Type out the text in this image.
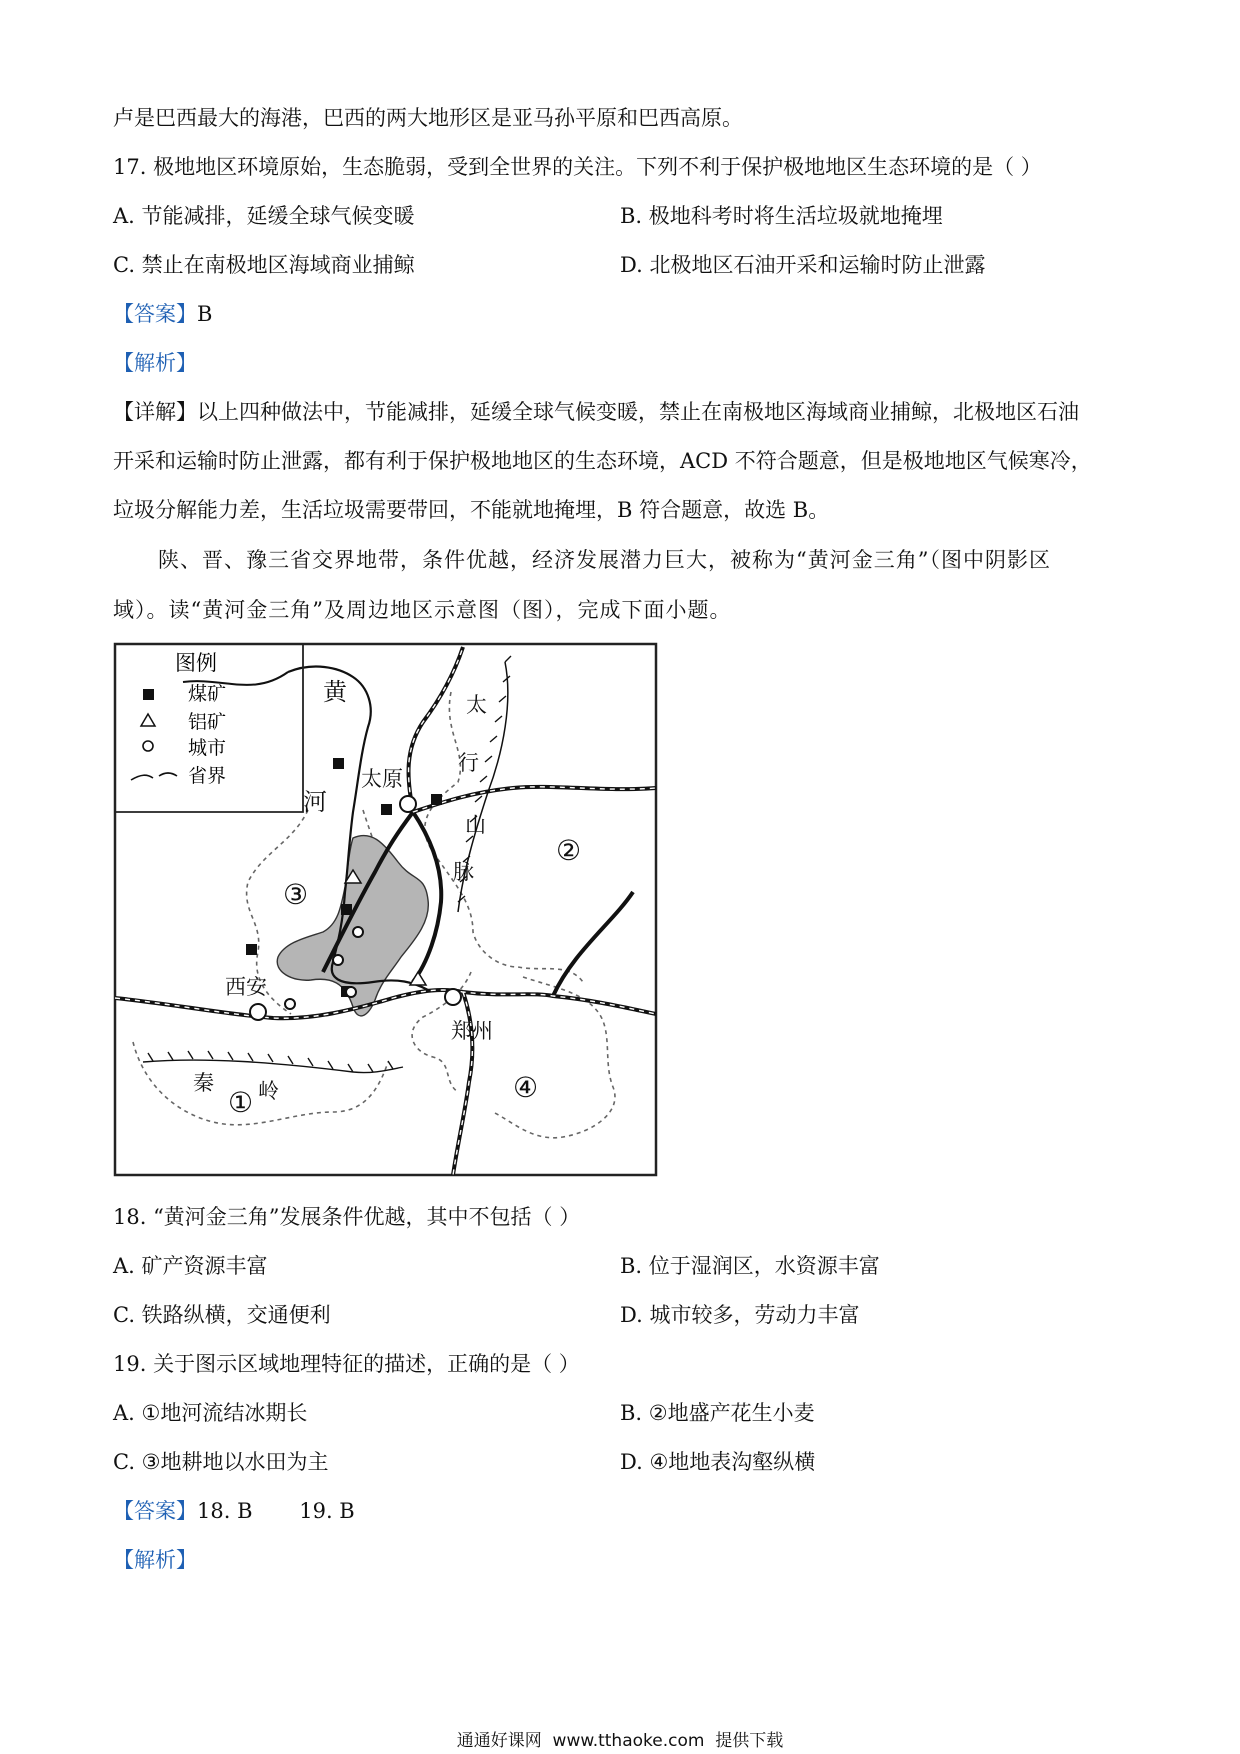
卢是巴西最大的海港，巴西的两大地形区是亚马孙平原和巴西高原。
17. 极地地区环境原始，生态脆弱，受到全世界的关注。下列不利于保护极地地区生态环境的是（ ）
A. 节能减排，延缓全球气候变暖	B. 极地科考时将生活垃圾就地掩埋
C. 禁止在南极地区海域商业捕鲸	D. 北极地区石油开采和运输时防止泄露
【答案】B
【解析】
【详解】以上四种做法中，节能减排，延缓全球气候变暖，禁止在南极地区海域商业捕鲸，北极地区石油
开采和运输时防止泄露，都有利于保护极地地区的生态环境，ACD 不符合题意，但是极地地区气候寒冷，
垃圾分解能力差，生活垃圾需要带回，不能就地掩埋，B 符合题意，故选 B。
陕、晋、豫三省交界地带，条件优越，经济发展潜力巨大，被称为“黄河金三角”（图中阴影区
域）。读“黄河金三角”及周边地区示意图（图），完成下面小题。
图例
煤矿
铝矿
城市
省界
黄
河
太
行
山
脉
太原
西安
郑州
秦 岭
①
②
③
④
18. “黄河金三角”发展条件优越，其中不包括（ ）
A. 矿产资源丰富	B. 位于湿润区，水资源丰富
C. 铁路纵横，交通便利	D. 城市较多，劳动力丰富
19. 关于图示区域地理特征的描述，正确的是（ ）
A. ①地河流结冰期长	B. ②地盛产花生小麦
C. ③地耕地以水田为主	D. ④地地表沟壑纵横
【答案】18. B       19. B
【解析】
通通好课网  www.tthaoke.com  提供下载
